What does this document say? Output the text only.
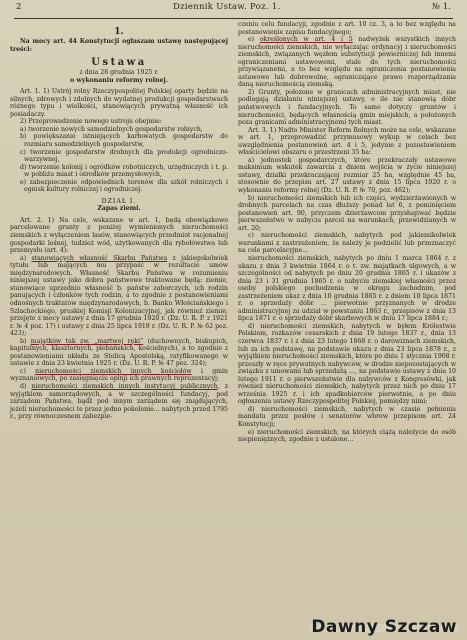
2	Dziennik Ustaw. Poz. 1.	№ 1.

1.

Na mocy art. 44 Konstytucji ogłaszam ustawę następującej treści:

Ustawa

z dnia 28 grudnia 1925 r.

o wykonaniu reformy rolnej.

Art. 1. 1) Ustrój rolny Rzeczypospolitej Polskiej oparty będzie na silnych, zdrowych i zdolnych do wydatnej produkcji gospodarstwach różnego typu i wielkości, stanowiących prywatną własność ich posiadaczy.

2) Przeprowadzenie nowego ustroju obejmie:

a) tworzenie nowych samodzielnych gospodarstw rolnych,

b) powiększanie istniejących karłowatych gospodarstw do rozmiaru samodzielnych gospodarstw,

c) tworzenie gospodarstw drobnych dla produkcji ogrodniczo-warzywnej,

d) tworzenie kolonij i ogródków robotniczych, urzędniczych i t. p. w pobliżu miast i ośrodków przemysłowych,

e) zabezpieczenie odpowiednich terenów dla szkół rolniczych i ognisk kultury rolniczej i ogrodniczej.

DZIAŁ I.

Zapas ziemi.

Art. 2. 1) Na cele, wskazane w art. 1, będą obowiązkowo parcelowane grunty z poniżej wymienionych nieruchomości ziemskich z wyłączeniem lasów, stanowiących przedmiot racjonalnej gospodarki leśnej, tudzież wód, użytkowanych dla rybołówstwa lub przemysłu (art. 4):

a) stanowiących własność Skarbu Państwa z jakiegokolwiek tytułu lub mających mu przypaść w rezultacie umów międzynarodowych. Własność Skarbu Państwa w rozumieniu niniejszej ustawy jako dobra państwowe traktowane będą: ziemie, stanowiące uprzednio własność b. państw zaborczych, ich rodzin panujących i członków tych rodzin, a to zgodnie z postanowieniami odnośnych traktatów międzynarodowych, b. Banku Włościańskiego i Szlacheckiego, pruskiej Komisji Kolonizacyjnej, jak również ziemie, przejęte z mocy ustawy z dnia 17 grudnia 1920 r. (Dz. U. R. P. z 1921 r. № 4 poz. 17) i ustawy z dnia 25 lipca 1919 r. (Dz. U. R. P. № 62 poz. 423);

b) majątków tak zw. „martwej ręki” (duchownych, biskupich, kapitulnych, klasztornych, plebańskich, kościelnych), a to zgodnie z postanowieniami układu ze Stolicą Apostolską, ratyfikowanego w ustawie z dnia 23 kwietnia 1925 r. (Dz. U. R. P. № 47 poz. 324);

c) nieruchomości ziemskich innych kościołów i gmin wyznaniowych, po zasięgnięciu opinji ich prawnych reprezentacyj;

d) nieruchomości ziemskich innych instytucyj publicznych, z wyjątkiem samorządowych, a w szczególności fundacyj, pod zarządem Państwa, bądź pod innym zarządem się znajdujących, jeżeli nieruchomości te przez jedno pokolenie... nabytych przed 1795 r., przy równoczesnem zabezpie-

czeniu celu fundacyji, zgodnie z art. 10 cz. 3, a to bez względu na postanowienie zapisu fundacyjnego;

e) określonych w art. 4 i 5 nadwyżek wszystkich innych nieruchomości ziemskich, nie wyłączając ordynacyj i nieruchomości ziemskich, związanych węzłem substytucji powierniczej lub innemi ograniczeniami ustawowemi, stale do tych nieruchomości przywiązanemi, a to bez względu na ograniczenia postanowienia ustawowe lub dobrowolne, ograniczające prawo rozporządzania daną nieruchomością ziemską.

2) Grunty, położone w granicach administracyjnych miast, nie podlegają działaniu niniejszej ustawy, o ile nie stanowią dóbr państwowych i fundacyjnych. To samo dotyczy gruntów i nieruchomości, będących własnością gmin miejskich, a położonych poza granicami administracyjnemi tych miast.

Art. 3. 1) Nadto Minister Reform Rolnych może na cele, wskazane w art. 1, przeprowadzić przymusowy wykup w celach bez uwzględnienia postanowień art. 4 i 5, jedynie z pozostawieniem właścicielowi obszaru o przestrzeni 35 ha:

a) jednostek gospodarczych, które przekraczały ustawowe maksimum wskutek zawarcia z dniem wejścia w życie niniejszej ustawy, działki przekraczającej rozmiar 25 ha, względnie 45 ha, stosownie do przepisu art. 27 ustawy z dnia 15 lipca 1920 r. o wykonaniu reformy rolnej (Dz. U. R. P. № 70, poz. 462);

b) nieruchomości ziemskich lub ich części, wydzierżawionych w drobnych parcelach na czas dłuższy ponad lat 6, z pominięciem postanowień art. 90, przyczem dzierżawcom przysługiwać będzie pierwszeństwo w nabyciu parcel na warunkach, przewidzianych w art. 20;

c) nieruchomości ziemskich, nabytych pod jakiemikolwiek warunkami z zastrzeżeniem, że należy je podzielić lub przeznaczyć na cele parcelacyjne...

nieruchomości ziemskich, nabytych po dniu 1 marca 1864 r. z ukazu z dnia 3 kwietnia 1864 r. o t. zw. majątkach ulgowych, a w szczególności od nabytych po dniu 20 grudnia 1865 r. i ukazów z dnia 23 i 31 grudnia 1865 r. o nabyciu ziemskiej własności przez osoby polskiego pochodzenia w okręgu zachodnim, pod zastrzeżeniem ukaz z dnia 10 grudnia 1865 r. z dniem 10 lipca 1871 r. o sprzedaży dóbr ... pierwotnie przyznanych w drodze administracyjnej za udział w powstaniu 1863 r., przepisów z dnia 13 lipca 1871 r. o sprzedaży dóbr skarbowych w dniu 17 lipca 1884 r.;

d) nieruchomości ziemskich, nabytych w byłem Królestwie Polskiem, rozkazów cesarskich z dnia 19 lutego 1837 r., dnia 13 czerwca 1837 r. i z dnia 23 lutego 1868 r. o darowiznach ziemskich, lub za ich podstawę, na podstawie ukazu z dnia 23 lipca 1878 r., z wyjątkiem nieruchomości ziemskich, które po dniu 1 stycznia 1908 r. przeszły w ręce prywatnych nabywców, w drodze niepozostających w związku z umowami lub sprzedażą ..., na podstawie ustawy z dnia 10 lutego 1911 r. o pierwszeństwie dla nabywców z Kongresówki, jak również nieruchomości ziemskich, nabytych przez nich po dniu 17 września 1925 r. i ich spadkobierców pierwotnie, a po dniu ogłoszenia ustawy Rzeczypospolitej Polskiej, pomiędzy nimi;

d) nieruchomości ziemskich, nabytych w czasie pełnienia mandatu przez posłów i senatorów wbrew przepisom art. 24 Konstytucji;

e) nieruchomości ziemskich, na których ciążą należycie do osób niepieniężnych, zgodnie z ustalone...

Dawny Szczaw
